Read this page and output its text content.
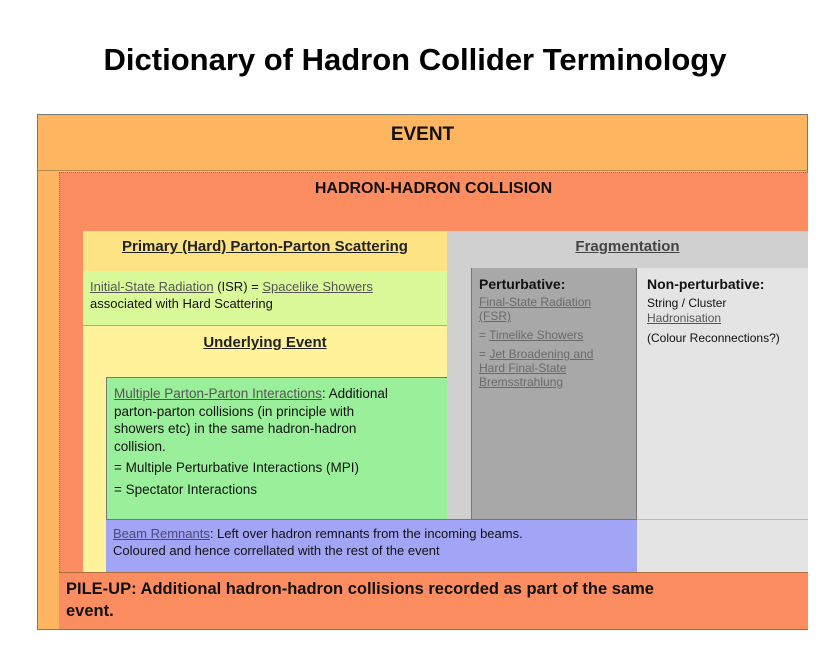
Dictionary of Hadron Collider Terminology
EVENT
HADRON-HADRON COLLISION
Primary (Hard) Parton-Parton Scattering
Initial-State Radiation (ISR) = Spacelike Showers
associated with Hard Scattering
Underlying Event
Multiple Parton-Parton Interactions: Additional
parton-parton collisions (in principle with
showers etc) in the same hadron-hadron
collision.
= Multiple Perturbative Interactions (MPI)
= Spectator Interactions
Fragmentation
Perturbative:
Final-State Radiation
(FSR)
= Timelike Showers
= Jet Broadening and
Hard Final-State
Bremsstrahlung
Non-perturbative:
String / Cluster
Hadronisation
(Colour Reconnections?)
Beam Remnants: Left over hadron remnants from the incoming beams.
Coloured and hence correllated with the rest of the event
PILE-UP: Additional hadron-hadron collisions recorded as part of the same
event.
